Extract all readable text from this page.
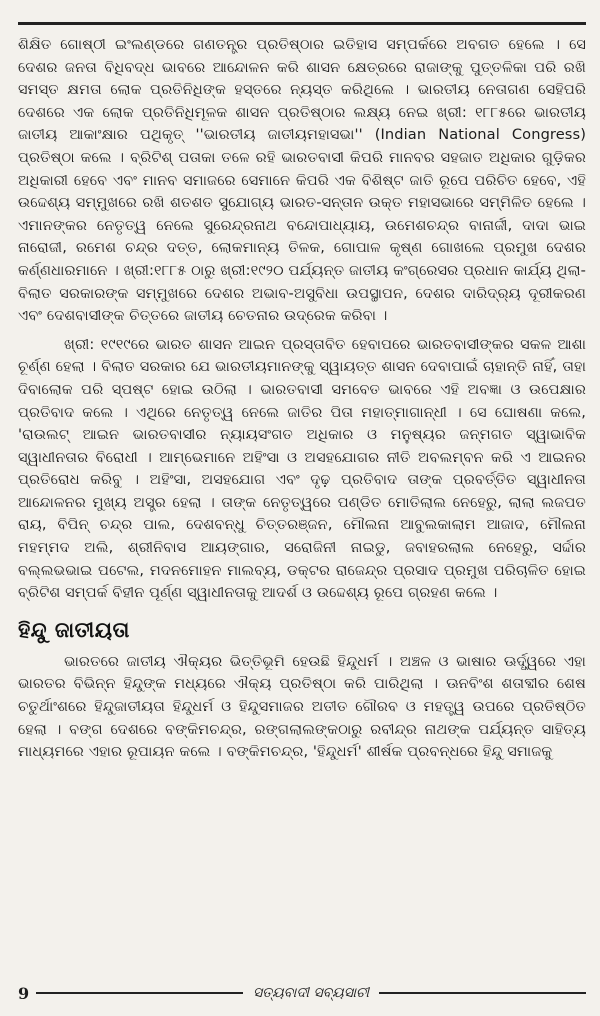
ଶିକ୍ଷିତ ଗୋଷ୍ଠୀ ଇଂଲଣ୍ଡରେ ଗଣତନ୍ତ୍ର ପ୍ରତିଷ୍ଠାର ଇତିହାସ ସମ୍ପର୍କରେ ଅବଗତ ହେଲେ । ସେ ଦେଶର ଜନତା ବିଧିବଦ୍ଧ ଭାବରେ ଆନ୍ଦୋଳନ କରି ଶାସନ କ୍ଷେତ୍ରରେ ରାଜାଙ୍କୁ ପୁତ୍ତଳିକା ପରି ରଖି ସମସ୍ତ କ୍ଷମତା ଲୋକ ପ୍ରତିନିଧିଙ୍କ ହସ୍ତରେ ନ୍ୟସ୍ତ କରିଥିଲେ । ଭାରତୀୟ ନେତାଗଣ ସେହିପରି ଦେଶରେ ଏକ ଲୋକ ପ୍ରତିନିଧିମୂଳକ ଶାସନ ପ୍ରତିଷ୍ଠାର ଲକ୍ଷ୍ୟ ନେଇ ଖ୍ରୀ: ୧୮୮୫ରେ ଭାରତୀୟ ଜାତୀୟ ଆକାଂକ୍ଷାର ପଥିକୃତ୍ ''ଭାରତୀୟ ଜାତୀୟମହାସଭା'' (Indian National Congress) ପ୍ରତିଷ୍ଠା କଲେ । ବ୍ରିଟିଶ୍ ପତାକା ତଳେ ରହି ଭାରତବାସୀ କିପରି ମାନବର ସହଜାତ ଅଧିକାର ଗୁଡ଼ିକର ଅଧିକାରୀ ହେବେ ଏବଂ ମାନବ ସମାଜରେ ସେମାନେ କିପରି ଏକ ବିଶିଷ୍ଟ ଜାତି ରୂପେ ପରିଚିତ ହେବେ, ଏହି ଉଦ୍ଦେଶ୍ୟ ସମ୍ମୁଖରେ ରଖି ଶତଶତ ସୁଯୋଗ୍ୟ ଭାରତ-ସନ୍ତାନ ଉକ୍ତ ମହାସଭାରେ ସମ୍ମିଳିତ ହେଲେ । ଏମାନଙ୍କର ନେତୃତ୍ୱ ନେଲେ ସୁରେନ୍ଦ୍ରନାଥ ବନ୍ଦୋପାଧ୍ୟାୟ, ଉମେଶଚନ୍ଦ୍ର ବାନାର୍ଜୀ, ଦାଦା ଭାଇ ନାରୋଜୀ, ରମେଶ ଚନ୍ଦ୍ର ଦତ୍ତ, ଲୋକମାନ୍ୟ ତିଳକ, ଗୋପାଳ କୃଷ୍ଣ ଗୋଖଲେ ପ୍ରମୁଖ ଦେଶର କର୍ଣ୍ଣଧାରମାନେ । ଖ୍ରୀ:୧୮୮୫ ଠାରୁ ଖ୍ରୀ:୧୯୨୦ ପର୍ଯ୍ୟନ୍ତ ଜାତୀୟ କଂଗ୍ରେସର ପ୍ରଧାନ କାର୍ଯ୍ୟ ଥିଲା-ବିଲାତ ସରକାରଙ୍କ ସମ୍ମୁଖରେ ଦେଶର ଅଭାବ-ଅସୁବିଧା ଉପସ୍ଥାପନ, ଦେଶର ଦାରିଦ୍ର୍ୟ ଦୂରୀକରଣ ଏବଂ ଦେଶବାସୀଙ୍କ ଚିତ୍ତରେ ଜାତୀୟ ଚେତନାର ଉଦ୍ରେକ କରିବା ।

ଖ୍ରୀ: ୧୯୧୯ରେ ଭାରତ ଶାସନ ଆଇନ ପ୍ରସ୍ତାବିତ ହେବାପରେ ଭାରତବାସୀଙ୍କର ସକଳ ଆଶା ଚୂର୍ଣ୍ଣ ହେଲା । ବିଲାତ ସରକାର ଯେ ଭାରତୀୟମାନଙ୍କୁ ସ୍ୱାୟତ୍ତ ଶାସନ ଦେବାପାଇଁ ଚାହାନ୍ତି ନାହିଁ, ତାହା ଦିବାଲୋକ ପରି ସ୍ପଷ୍ଟ ହୋଇ ଉଠିଲା । ଭାରତବାସୀ ସମବେତ ଭାବରେ ଏହି ଅବଜ୍ଞା ଓ ଉପେକ୍ଷାର ପ୍ରତିବାଦ କଲେ । ଏଥିରେ ନେତୃତ୍ୱ ନେଲେ ଜାତିର ପିତା ମହାତ୍ମାଗାନ୍ଧୀ । ସେ ଘୋଷଣା କଲେ, 'ରାଉଲଟ୍ ଆଇନ ଭାରତବାସୀର ନ୍ୟାୟସଂଗତ ଅଧିକାର ଓ ମନୁଷ୍ୟର ଜନ୍ମଗତ ସ୍ୱାଭାବିକ ସ୍ୱାଧୀନତାର ବିରୋଧୀ । ଆମ୍ଭେମାନେ ଅହିଂସା ଓ ଅସହଯୋଗର ନୀତି ଅବଲମ୍ବନ କରି ଏ ଆଇନର ପ୍ରତିରୋଧ କରିବୁ । ଅହିଂସା, ଅସହଯୋଗ ଏବଂ ଦୃଢ଼ ପ୍ରତିବାଦ ତାଙ୍କ ପ୍ରବର୍ତ୍ତିତ ସ୍ୱାଧୀନତା ଆନ୍ଦୋଳନର ମୁଖ୍ୟ ଅସ୍ତ୍ର ହେଲା । ତାଙ୍କ ନେତୃତ୍ୱରେ ପଣ୍ଡିତ ମୋତିଲାଲ ନେହେରୁ, ଲାଲା ଲଜପତ ରାୟ, ବିପିନ୍ ଚନ୍ଦ୍ର ପାଲ, ଦେଶବନ୍ଧୁ ଚିତ୍ତରଞ୍ଜନ, ମୌଲନା ଆବୁଲକାଲାମ ଆଜାଦ, ମୌଲନା ମହମ୍ମଦ ଅଲି, ଶ୍ରୀନିବାସ ଆୟଙ୍ଗାର, ସରୋଜିନୀ ନାଇଡୁ, ଜବାହରଲାଲ ନେହେରୁ, ସର୍ଦ୍ଦାର ବଲ୍ଲଭଭାଇ ପଟେଲ, ମଦନମୋହନ ମାଲବ୍ୟ, ଡକ୍ଟର ରାଜେନ୍ଦ୍ର ପ୍ରସାଦ ପ୍ରମୁଖ ପରିଚାଳିତ ହୋଇ ବ୍ରିଟିଶ ସମ୍ପର୍କ ବିହୀନ ପୂର୍ଣ୍ଣ ସ୍ୱାଧୀନତାକୁ ଆଦର୍ଶ ଓ ଉଦ୍ଦେଶ୍ୟ ରୂପେ ଗ୍ରହଣ କଲେ ।

ହିନ୍ଦୁ ଜାତୀୟତା

ଭାରତରେ ଜାତୀୟ ଐକ୍ୟର ଭିତ୍ତିଭୂମି ହେଉଛି ହିନ୍ଦୁଧର୍ମ । ଅଞ୍ଚଳ ଓ ଭାଷାର ଊର୍ଦ୍ଧ୍ୱରେ ଏହା ଭାରତର ବିଭିନ୍ନ ହିନ୍ଦୁଙ୍କ ମଧ୍ୟରେ ଐକ୍ୟ ପ୍ରତିଷ୍ଠା କରି ପାରିଥିଲା । ଊନବିଂଶ ଶତାବ୍ଦୀର ଶେଷ ଚତୁର୍ଥାଂଶରେ ହିନ୍ଦୁଜାତୀୟତା ହିନ୍ଦୁଧର୍ମ ଓ ହିନ୍ଦୁସମାଜର ଅତୀତ ଗୌରବ ଓ ମହତ୍ତ୍ୱ ଉପରେ ପ୍ରତିଷ୍ଠିତ ହେଲା । ବଙ୍ଗ ଦେଶରେ ବଙ୍କିମଚନ୍ଦ୍ର, ରଙ୍ଗଲାଲଙ୍କଠାରୁ ରବୀନ୍ଦ୍ର ନାଥଙ୍କ ପର୍ଯ୍ୟନ୍ତ ସାହିତ୍ୟ ମାଧ୍ୟମରେ ଏହାର ରୂପାୟନ କଲେ । ବଙ୍କିମଚନ୍ଦ୍ର, 'ହିନ୍ଦୁଧର୍ମ' ଶୀର୍ଷକ ପ୍ରବନ୍ଧରେ ହିନ୍ଦୁ ସମାଜକୁ

9	ସତ୍ୟବାଦୀ ସବ୍ୟସାଚୀ
